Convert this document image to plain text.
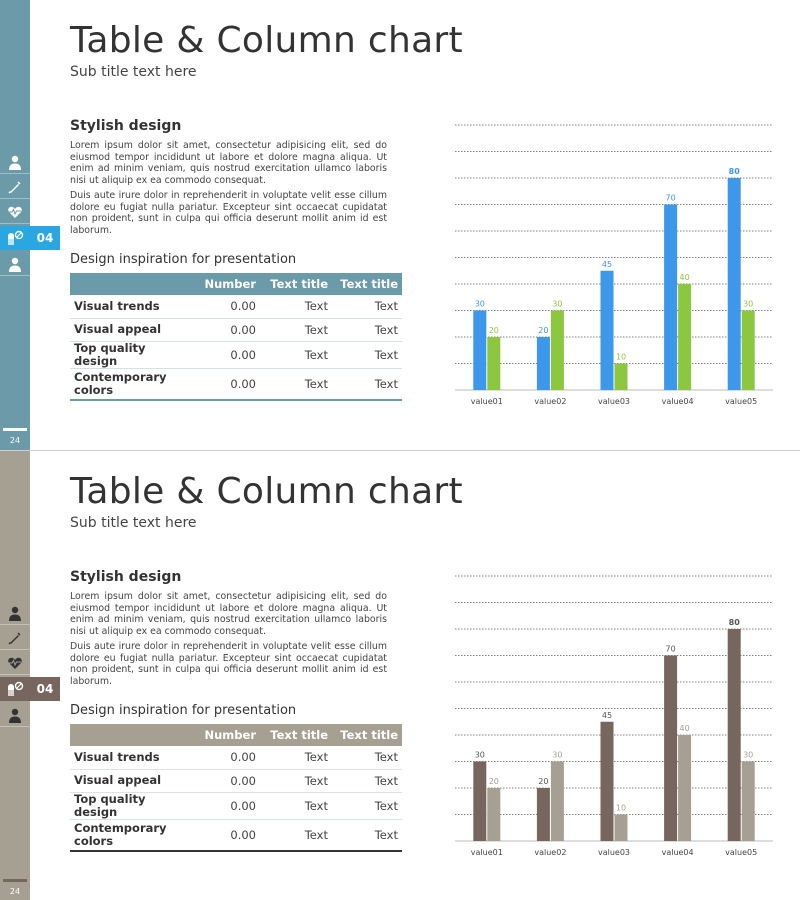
04
24
Table & Column chart
Sub title text here
Stylish design
Lorem ipsum dolor sit amet, consectetur adipisicing elit, sed do eiusmod tempor incididunt ut labore et dolore magna aliqua. Ut enim ad minim veniam, quis nostrud exercitation ullamco laboris nisi ut aliquip ex ea commodo consequat.
Duis aute irure dolor in reprehenderit in voluptate velit esse cillum dolore eu fugiat nulla pariatur. Excepteur sint occaecat cupidatat non proident, sunt in culpa qui officia deserunt mollit anim id est laborum.
Design inspiration for presentation
	Number	Text title	Text title
Visual trends	0.00	Text	Text
Visual appeal	0.00	Text	Text
Top quality design	0.00	Text	Text
Contemporary colors	0.00	Text	Text
30
20
value01
20
30
value02
45
10
value03
70
40
value04
80
30
value05
04
24
Table & Column chart
Sub title text here
Stylish design
Lorem ipsum dolor sit amet, consectetur adipisicing elit, sed do eiusmod tempor incididunt ut labore et dolore magna aliqua. Ut enim ad minim veniam, quis nostrud exercitation ullamco laboris nisi ut aliquip ex ea commodo consequat.
Duis aute irure dolor in reprehenderit in voluptate velit esse cillum dolore eu fugiat nulla pariatur. Excepteur sint occaecat cupidatat non proident, sunt in culpa qui officia deserunt mollit anim id est laborum.
Design inspiration for presentation
	Number	Text title	Text title
Visual trends	0.00	Text	Text
Visual appeal	0.00	Text	Text
Top quality design	0.00	Text	Text
Contemporary colors	0.00	Text	Text
30
20
value01
20
30
value02
45
10
value03
70
40
value04
80
30
value05
